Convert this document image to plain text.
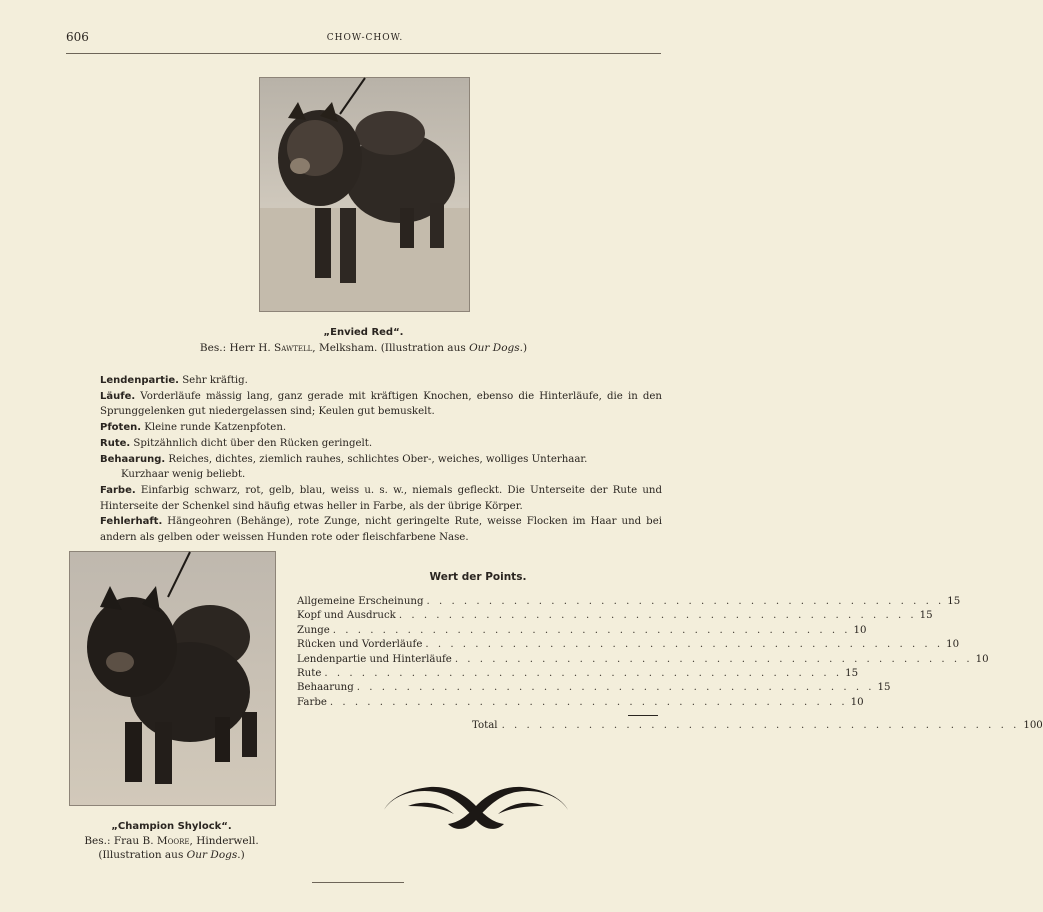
606	CHOW-CHOW.
„Envied Red“.
Bes.: Herr H. Sawtell, Melksham. (Illustration aus Our Dogs.)

Lendenpartie. Sehr kräftig.

Läufe. Vorderläufe mässig lang, ganz gerade mit kräftigen Knochen, ebenso die Hinterläufe, die in den Sprunggelenken gut niedergelassen sind; Keulen gut bemuskelt.

Pfoten. Kleine runde Katzenpfoten.

Rute. Spitzähnlich dicht über den Rücken geringelt.

Behaarung. Reiches, dichtes, ziemlich rauhes, schlichtes Ober-, weiches, wolliges Unterhaar.

Kurzhaar wenig beliebt.

Farbe. Einfarbig schwarz, rot, gelb, blau, weiss u. s. w., niemals gefleckt. Die Unterseite der Rute und Hinterseite der Schenkel sind häufig etwas heller in Farbe, als der übrige Körper.

Fehlerhaft. Hängeohren (Behänge), rote Zunge, nicht geringelte Rute, weisse Flocken im Haar und bei andern als gelben oder weissen Hunden rote oder fleischfarbene Nase.

„Champion Shylock“.
Bes.: Frau B. Moore, Hinderwell.
(Illustration aus Our Dogs.)
Wert der Points.
Allgemeine Erscheinung . . . . . . . . . . . . . . . . . . . . . . . . . . . . . . . . . . . . . . . . . . 15
Kopf und Ausdruck . . . . . . . . . . . . . . . . . . . . . . . . . . . . . . . . . . . . . . . . . . 15
Zunge . . . . . . . . . . . . . . . . . . . . . . . . . . . . . . . . . . . . . . . . . . 10
Rücken und Vorderläufe . . . . . . . . . . . . . . . . . . . . . . . . . . . . . . . . . . . . . . . . . . 10
Lendenpartie und Hinterläufe . . . . . . . . . . . . . . . . . . . . . . . . . . . . . . . . . . . . . . . . . . 10
Rute . . . . . . . . . . . . . . . . . . . . . . . . . . . . . . . . . . . . . . . . . . 15
Behaarung . . . . . . . . . . . . . . . . . . . . . . . . . . . . . . . . . . . . . . . . . . 15
Farbe . . . . . . . . . . . . . . . . . . . . . . . . . . . . . . . . . . . . . . . . . . 10
Total . . . . . . . . . . . . . . . . . . . . . . . . . . . . . . . . . . . . . . . . . . 100
